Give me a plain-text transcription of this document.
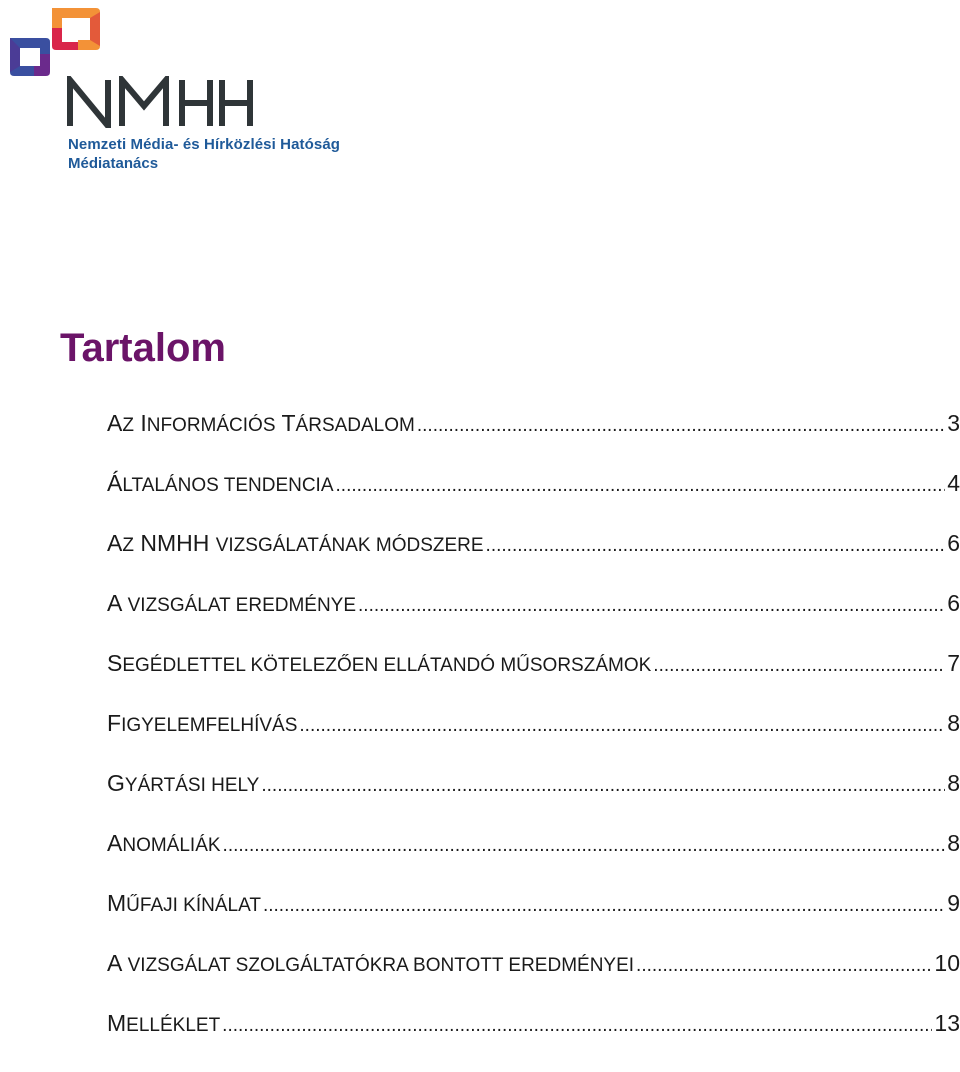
NMHH
Nemzeti Média- és Hírközlési Hatóság
Médiatanács
Tartalom
AZ INFORMÁCIÓS TÁRSADALOM .....	3
ÁLTALÁNOS TENDENCIA .....	4
AZ NMHH VIZSGÁLATÁNAK MÓDSZERE .....	6
A VIZSGÁLAT EREDMÉNYE .....	6
SEGÉDLETTEL KÖTELEZŐEN ELLÁTANDÓ MŰSORSZÁMOK .....	7
FIGYELEMFELHÍVÁS .....	8
GYÁRTÁSI HELY .....	8
ANOMÁLIÁK .....	8
MŰFAJI KÍNÁLAT .....	9
A VIZSGÁLAT SZOLGÁLTATÓKRA BONTOTT EREDMÉNYEI .....	10
MELLÉKLET .....	13
